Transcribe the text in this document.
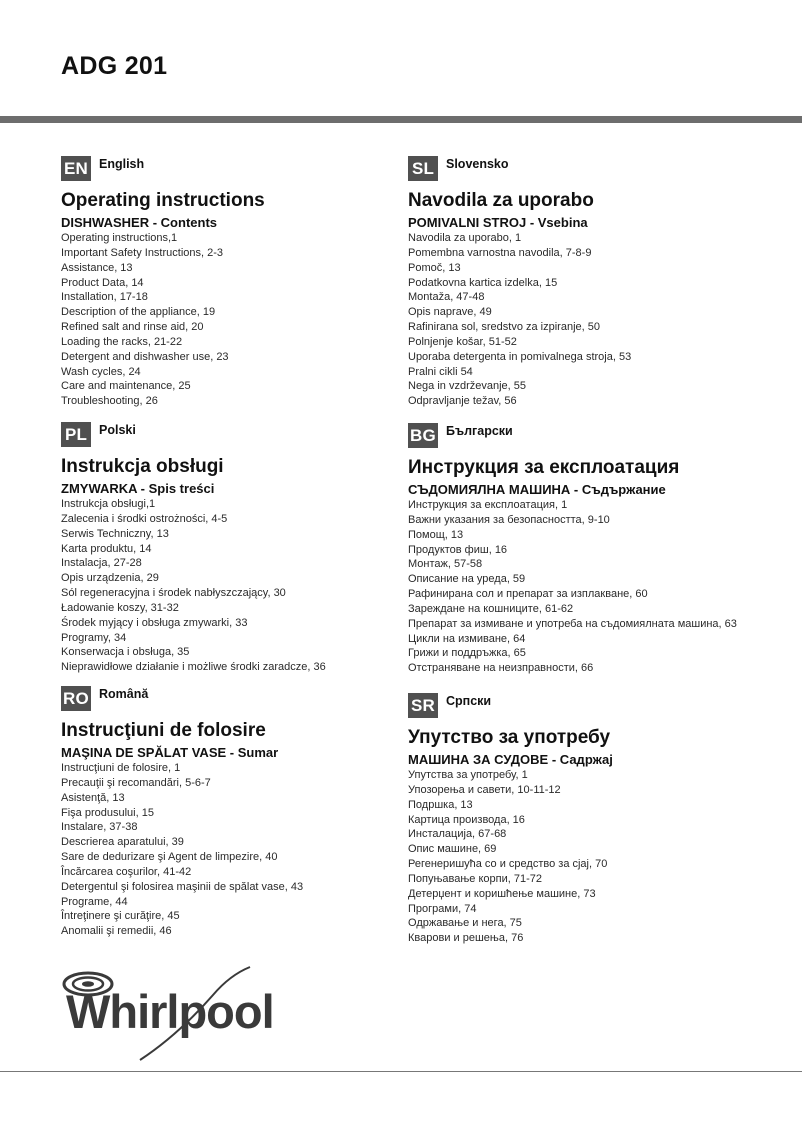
ADG 201
EN English
Operating instructions
DISHWASHER - Contents
Operating instructions,1
Important Safety Instructions, 2-3
Assistance, 13
Product Data, 14
Installation, 17-18
Description of the appliance, 19
Refined salt and rinse aid, 20
Loading the racks, 21-22
Detergent and dishwasher use, 23
Wash cycles, 24
Care and maintenance, 25
Troubleshooting, 26
PL Polski
Instrukcja obsługi
ZMYWARKA - Spis treści
Instrukcja obsługi,1
Zalecenia i środki ostrożności, 4-5
Serwis Techniczny, 13
Karta produktu, 14
Instalacja, 27-28
Opis urządzenia, 29
Sól regeneracyjna i środek nabłyszczający, 30
Ładowanie koszy, 31-32
Środek myjący i obsługa zmywarki, 33
Programy, 34
Konserwacja i obsługa, 35
Nieprawidłowe działanie i możliwe środki zaradcze, 36
RO Română
Instrucţiuni de folosire
MAŞINA DE SPĂLAT VASE - Sumar
Instrucţiuni de folosire, 1
Precauţii şi recomandări, 5-6-7
Asistenţă, 13
Fişa produsului, 15
Instalare, 37-38
Descrierea aparatului, 39
Sare de dedurizare şi Agent de limpezire, 40
Încărcarea coşurilor, 41-42
Detergentul şi folosirea maşinii de spălat vase, 43
Programe, 44
Întreţinere şi curăţire, 45
Anomalii şi remedii, 46
SL Slovensko
Navodila za uporabo
POMIVALNI STROJ - Vsebina
Navodila za uporabo, 1
Pomembna varnostna navodila, 7-8-9
Pomoč, 13
Podatkovna kartica izdelka, 15
Montaža, 47-48
Opis naprave, 49
Rafinirana sol, sredstvo za izpiranje, 50
Polnjenje košar, 51-52
Uporaba detergenta in pomivalnega stroja, 53
Pralni cikli 54
Nega in vzdrževanje, 55
Odpravljanje težav, 56
BG Български
Инструкция за експлоатация
СЪДОМИЯЛНА МАШИНА - Съдържание
Инструкция за експлоатация, 1
Важни указания за безопасността, 9-10
Помощ, 13
Продуктов фиш, 16
Монтаж, 57-58
Описание на уреда, 59
Рафинирана сол и препарат за изплакване, 60
Зареждане на кошниците, 61-62
Препарат за измиване и употреба на съдомиялната машина, 63
Цикли на измиване, 64
Грижи и поддръжка, 65
Отстраняване на неизправности, 66
SR Српски
Упутство за употребу
МАШИНА ЗА СУДОВЕ - Садржај
Упутства за употребу, 1
Упозорења и савети, 10-11-12
Подршка, 13
Картица производа, 16
Инсталација, 67-68
Опис машине, 69
Регенеришућа со и средство за сјај, 70
Попуњавање корпи, 71-72
Детерџент и коришћење машине, 73
Програми, 74
Одржавање и нега, 75
Кварови и решења, 76
Whirlpool
